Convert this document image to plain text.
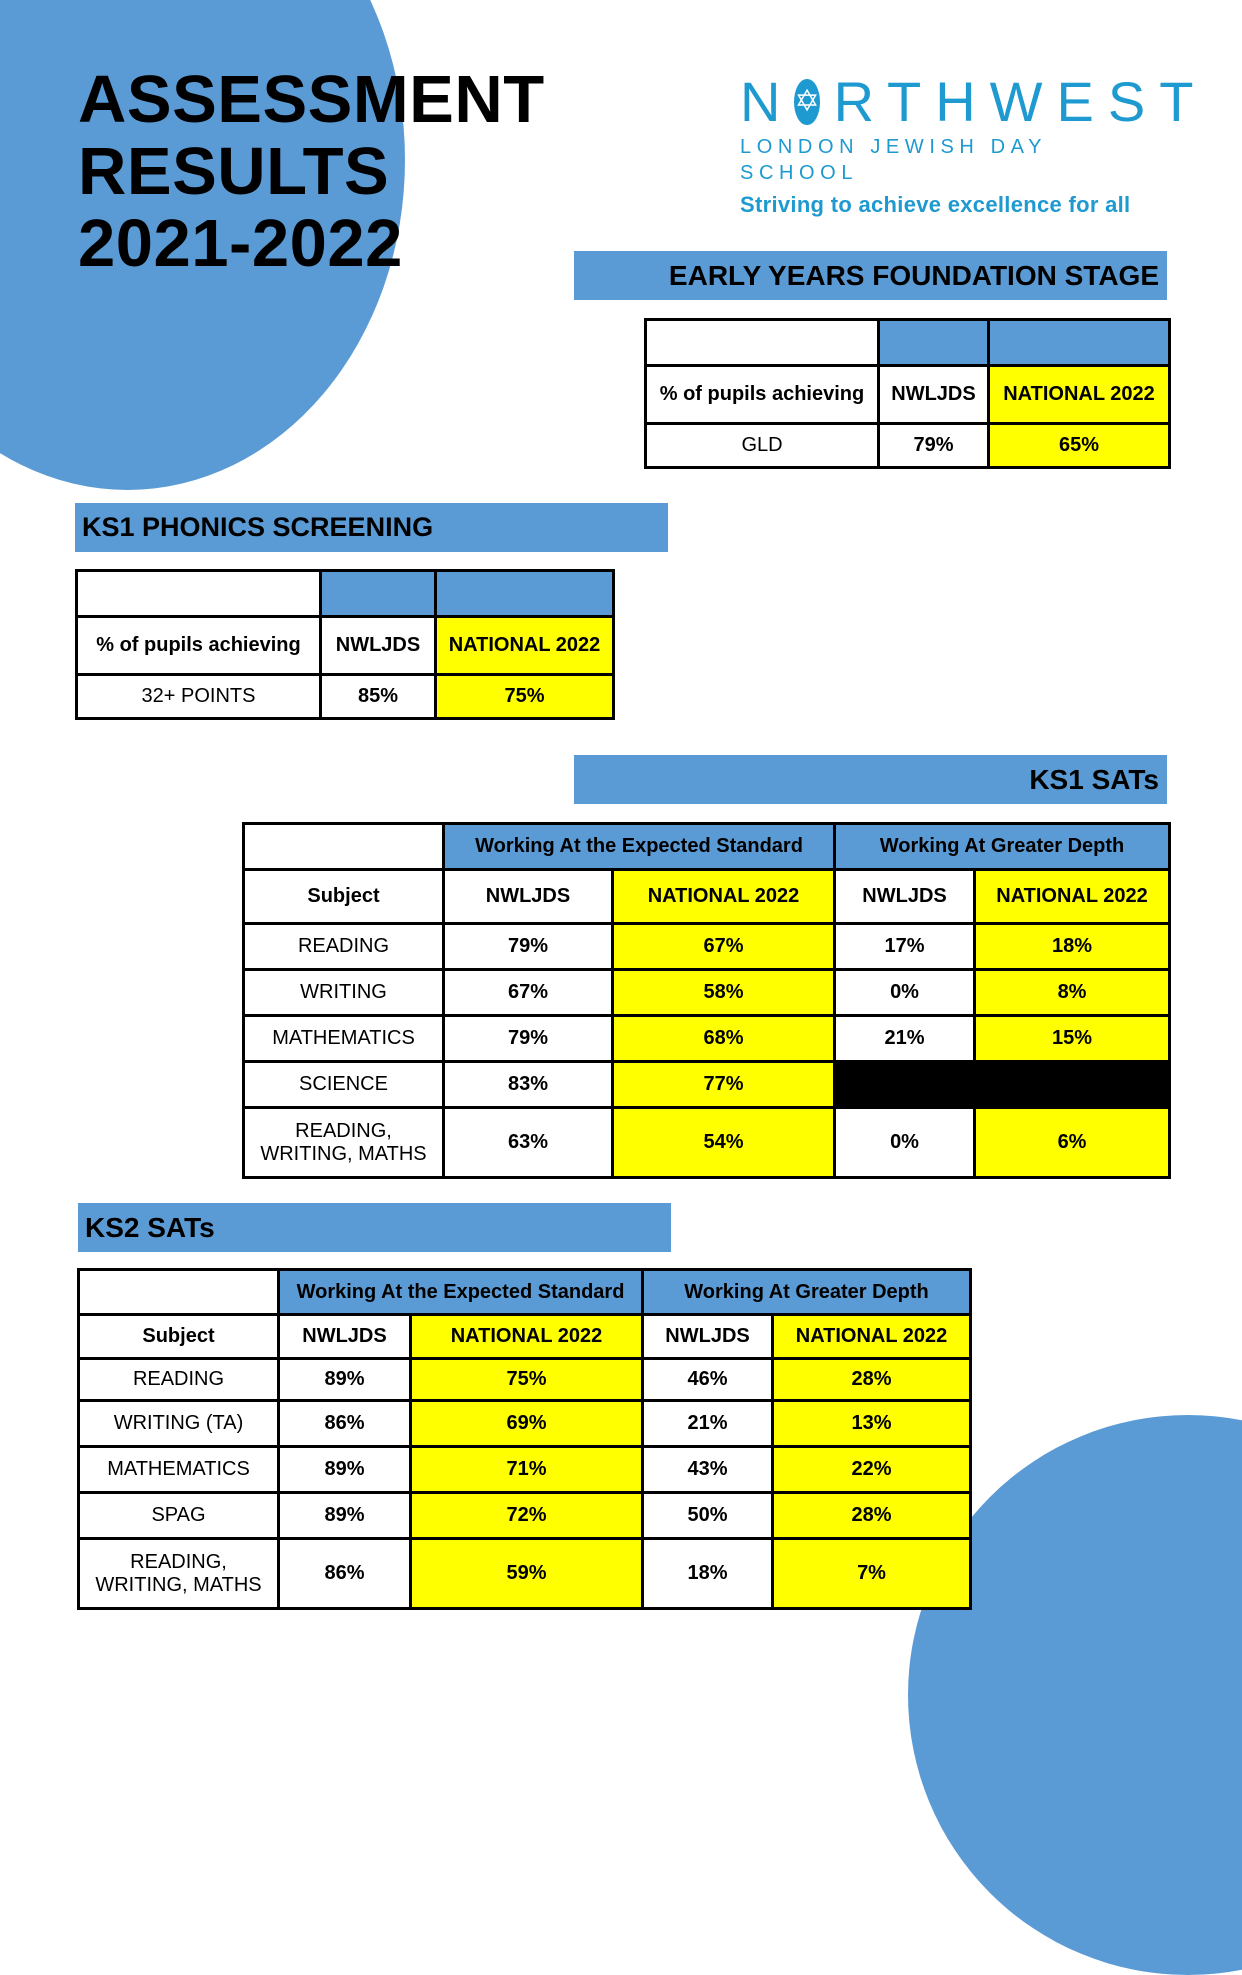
ASSESSMENT
RESULTS
2021-2022
N ✡ RTHWEST
LONDON JEWISH DAY SCHOOL
Striving to achieve excellence for all
EARLY YEARS FOUNDATION STAGE

% of pupils achieving	NWLJDS	NATIONAL 2022
GLD	79%	65%
KS1 PHONICS SCREENING

% of pupils achieving	NWLJDS	NATIONAL 2022
32+ POINTS	85%	75%
KS1 SATs
	Working At the Expected Standard		Working At Greater Depth	
Subject	NWLJDS	NATIONAL 2022	NWLJDS	NATIONAL 2022
READING	79%	67%	17%	18%
WRITING	67%	58%	0%	8%
MATHEMATICS	79%	68%	21%	15%
SCIENCE	83%	77%		
READING,
WRITING, MATHS	63%	54%	0%	6%
KS2 SATs
	Working At the Expected Standard		Working At Greater Depth	
Subject	NWLJDS	NATIONAL 2022	NWLJDS	NATIONAL 2022
READING	89%	75%	46%	28%
WRITING (TA)	86%	69%	21%	13%
MATHEMATICS	89%	71%	43%	22%
SPAG	89%	72%	50%	28%
READING,
WRITING, MATHS	86%	59%	18%	7%
